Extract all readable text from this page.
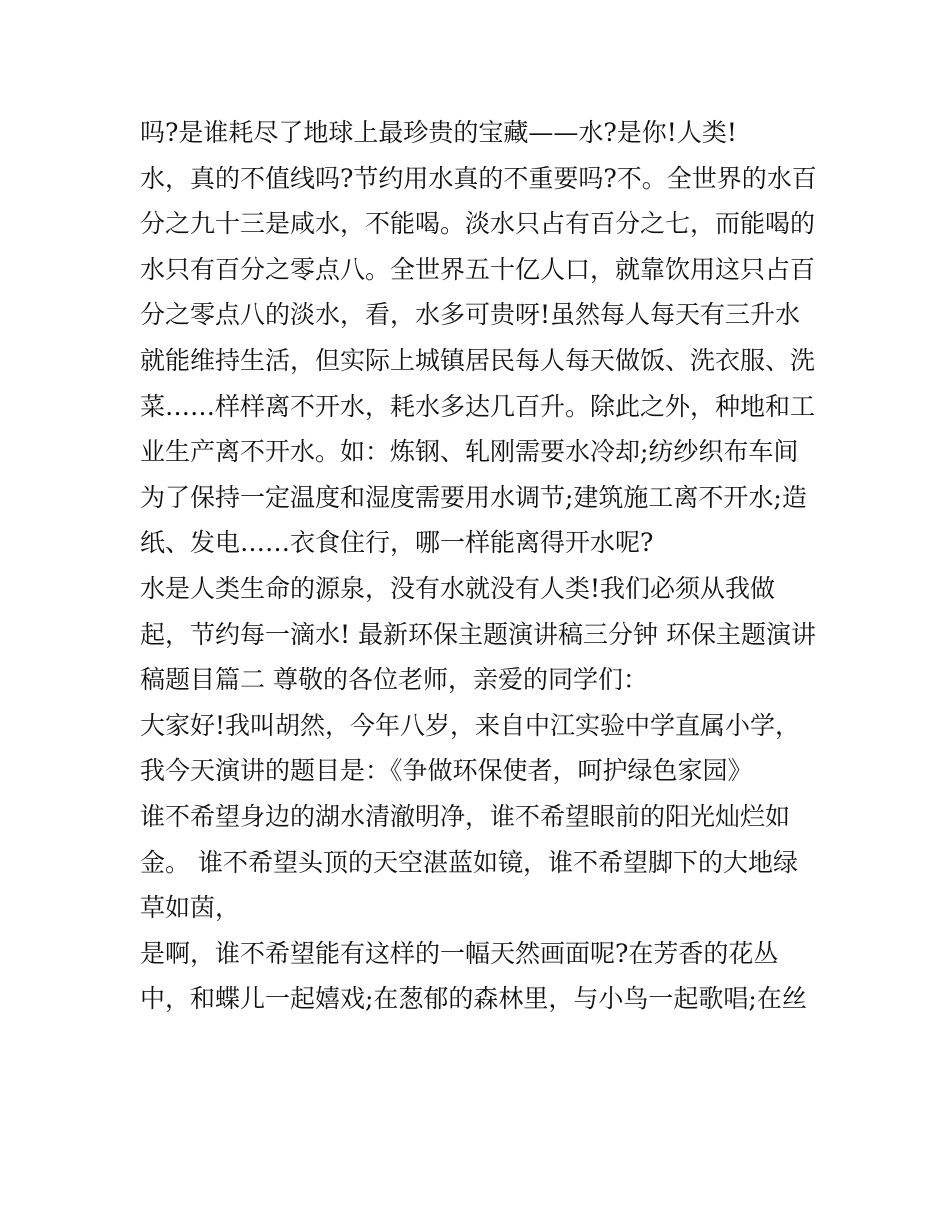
吗?是谁耗尽了地球上最珍贵的宝藏——水?是你!人类!
水，真的不值线吗?节约用水真的不重要吗?不。全世界的水百
分之九十三是咸水，不能喝。淡水只占有百分之七，而能喝的
水只有百分之零点八。全世界五十亿人口，就靠饮用这只占百
分之零点八的淡水，看，水多可贵呀!虽然每人每天有三升水
就能维持生活，但实际上城镇居民每人每天做饭、洗衣服、洗
菜……样样离不开水，耗水多达几百升。除此之外，种地和工
业生产离不开水。如：炼钢、轧刚需要水冷却;纺纱织布车间
为了保持一定温度和湿度需要用水调节;建筑施工离不开水;造
纸、发电……衣食住行，哪一样能离得开水呢?
水是人类生命的源泉，没有水就没有人类!我们必须从我做
起，节约每一滴水! 最新环保主题演讲稿三分钟 环保主题演讲
稿题目篇二 尊敬的各位老师，亲爱的同学们：
大家好!我叫胡然，今年八岁，来自中江实验中学直属小学，
我今天演讲的题目是：《争做环保使者，呵护绿色家园》
谁不希望身边的湖水清澈明净，谁不希望眼前的阳光灿烂如
金。 谁不希望头顶的天空湛蓝如镜，谁不希望脚下的大地绿
草如茵，
是啊，谁不希望能有这样的一幅天然画面呢?在芳香的花丛
中，和蝶儿一起嬉戏;在葱郁的森林里，与小鸟一起歌唱;在丝
